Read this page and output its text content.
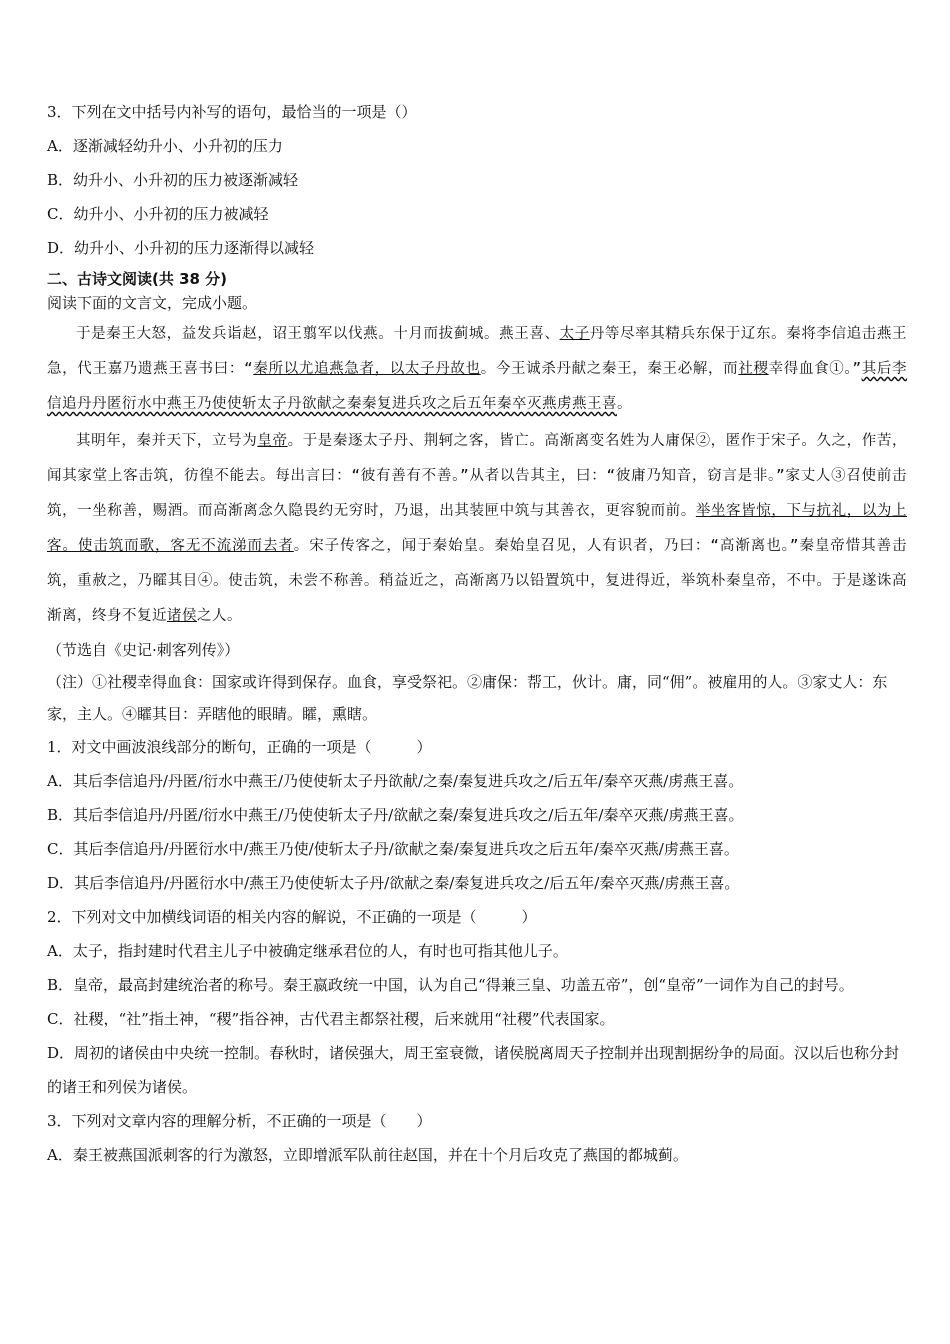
3．下列在文中括号内补写的语句，最恰当的一项是（）
A．逐渐减轻幼升小、小升初的压力
B．幼升小、小升初的压力被逐渐减轻
C．幼升小、小升初的压力被减轻
D．幼升小、小升初的压力逐渐得以减轻
二、古诗文阅读(共 38 分)
阅读下面的文言文，完成小题。
于是秦王大怒，益发兵诣赵，诏王翦军以伐燕。十月而拔蓟城。燕王喜、太子丹等尽率其精兵东保于辽东。秦将李信追击燕王急，代王嘉乃遗燕王喜书曰：“秦所以尤追燕急者，以太子丹故也。今王诚杀丹献之秦王，秦王必解，而社稷幸得血食①。”其后李信追丹丹匿衍水中燕王乃使使斩太子丹欲献之秦秦复进兵攻之后五年秦卒灭燕虏燕王喜。
其明年，秦并天下，立号为皇帝。于是秦逐太子丹、荆轲之客，皆亡。高渐离变名姓为人庸保②，匿作于宋子。久之，作苦，闻其家堂上客击筑，彷徨不能去。每出言曰：“彼有善有不善。”从者以告其主，曰：“彼庸乃知音，窃言是非。”家丈人③召使前击筑，一坐称善，赐酒。而高渐离念久隐畏约无穷时，乃退，出其装匣中筑与其善衣，更容貌而前。举坐客皆惊，下与抗礼，以为上客。使击筑而歌，客无不流涕而去者。宋子传客之，闻于秦始皇。秦始皇召见，人有识者，乃曰：“高渐离也。”秦皇帝惜其善击筑，重赦之，乃矐其目④。使击筑，未尝不称善。稍益近之，高渐离乃以铅置筑中，复进得近，举筑朴秦皇帝，不中。于是遂诛高渐离，终身不复近诸侯之人。
（节选自《史记·刺客列传》）
（注）①社稷幸得血食：国家或许得到保存。血食，享受祭祀。②庸保：帮工，伙计。庸，同“佣”。被雇用的人。③家丈人：东家，主人。④矐其目：弄瞎他的眼睛。矐，熏瞎。
1．对文中画波浪线部分的断句，正确的一项是（　　　）
A．其后李信追丹/丹匿/衍水中燕王/乃使使斩太子丹欲献/之秦/秦复进兵攻之/后五年/秦卒灭燕/虏燕王喜。
B．其后李信追丹/丹匿/衍水中燕王/乃使使斩太子丹/欲献之秦/秦复进兵攻之/后五年/秦卒灭燕/虏燕王喜。
C．其后李信追丹/丹匿衍水中/燕王乃使/使斩太子丹/欲献之秦/秦复进兵攻之后五年/秦卒灭燕/虏燕王喜。
D．其后李信追丹/丹匿衍水中/燕王乃使使斩太子丹/欲献之秦/秦复进兵攻之/后五年/秦卒灭燕/虏燕王喜。
2．下列对文中加横线词语的相关内容的解说，不正确的一项是（　　　）
A．太子，指封建时代君主儿子中被确定继承君位的人，有时也可指其他儿子。
B．皇帝，最高封建统治者的称号。秦王嬴政统一中国，认为自己“得兼三皇、功盖五帝”，创“皇帝”一词作为自己的封号。
C．社稷，“社”指土神，“稷”指谷神，古代君主都祭社稷，后来就用“社稷”代表国家。
D．周初的诸侯由中央统一控制。春秋时，诸侯强大，周王室衰微，诸侯脱离周天子控制并出现割据纷争的局面。汉以后也称分封的诸王和列侯为诸侯。
3．下列对文章内容的理解分析，不正确的一项是（　　）
A．秦王被燕国派刺客的行为激怒，立即增派军队前往赵国，并在十个月后攻克了燕国的都城蓟。
